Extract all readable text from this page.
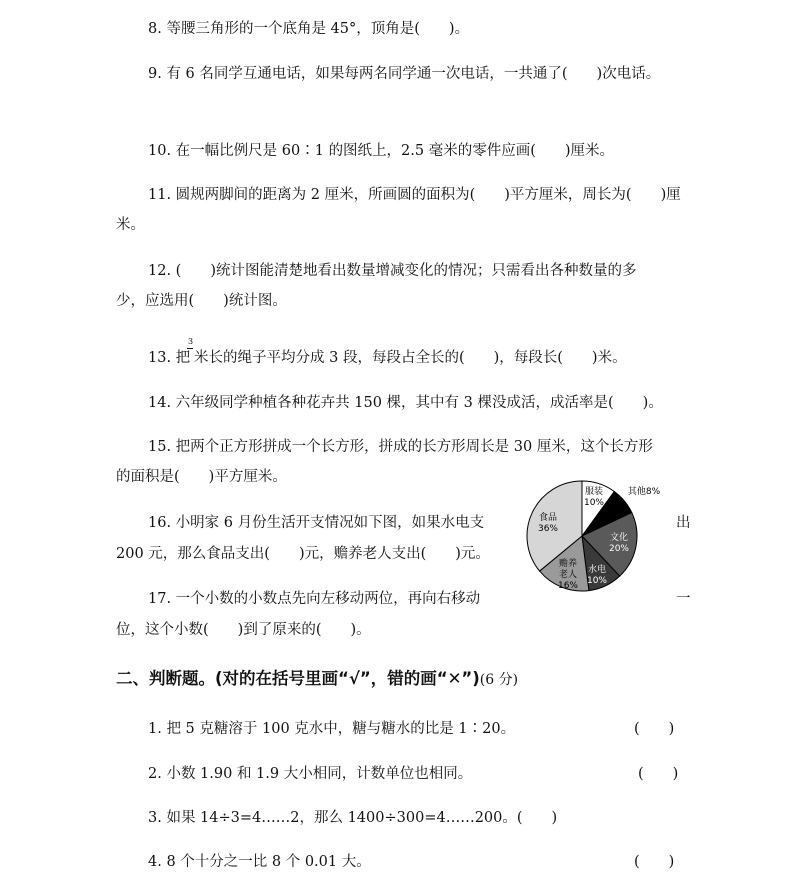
8. 等腰三角形的一个底角是 45°，顶角是(　　)。
9. 有 6 名同学互通电话，如果每两名同学通一次电话，一共通了(　　)次电话。
10. 在一幅比例尺是 60∶1 的图纸上，2.5 毫米的零件应画(　　)厘米。
11. 圆规两脚间的距离为 2 厘米，所画圆的面积为(　　)平方厘米，周长为(　　)厘
米。
12. (　　)统计图能清楚地看出数量增减变化的情况；只需看出各种数量的多
少，应选用(　　)统计图。
13. 把
3
米长的绳子平均分成 3 段，每段占全长的(　　)，每段长(　　)米。
14. 六年级同学种植各种花卉共 150 棵，其中有 3 棵没成活，成活率是(　　)。
15. 把两个正方形拼成一个长方形，拼成的长方形周长是 30 厘米，这个长方形
的面积是(　　)平方厘米。
16. 小明家 6 月份生活开支情况如下图，如果水电支	出
200 元，那么食品支出(　　)元，赡养老人支出(　　)元。
17. 一个小数的小数点先向左移动两位，再向右移动	一
位，这个小数(　　)到了原来的(　　)。
服装 10%
其他8%
文化 20%
水电 10%
赡养老人 16%
食品 36%
二、判断题。(对的在括号里画“√”，错的画“✕”)(6 分)
1. 把 5 克糖溶于 100 克水中，糖与糖水的比是 1∶20。	(　　)
2. 小数 1.90 和 1.9 大小相同，计数单位也相同。	(　　)
3. 如果 14÷3=4……2，那么 1400÷300=4……200。(　　)
4. 8 个十分之一比 8 个 0.01 大。	(　　)
